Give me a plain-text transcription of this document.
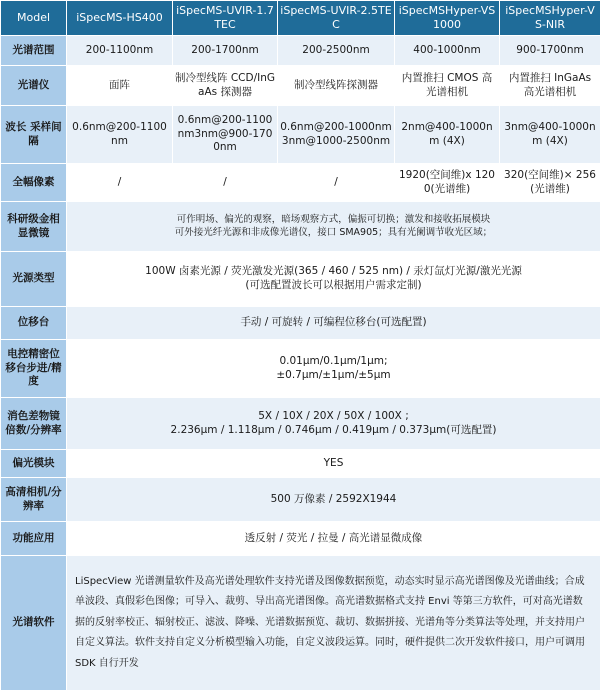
Model	iSpecMS-HS400	iSpecMS-UVIR-1.7TEC	iSpecMS-UVIR-2.5TEC	iSpecMSHyper-VS1000	iSpecMSHyper-VS-NIR
光谱范围	200-1100nm	200-1700nm	200-2500nm	400-1000nm	900-1700nm
光谱仪	面阵	制冷型线阵 CCD/InGaAs 探测器	制冷型线阵探测器	内置推扫 CMOS 高光谱相机	内置推扫 InGaAs 高光谱相机
波长 采样间隔	0.6nm@200-1100nm	0.6nm@200-1100nm3nm@900-1700nm	0.6nm@200-1000nm 3nm@1000-2500nm	2nm@400-1000nm (4X)	3nm@400-1000nm (4X)
全幅像素	/	/	/	1920(空间维)x 1200(光谱维)	320(空间维)× 256(光谱维)
科研级金相显微镜	可作明场、偏光的观察，暗场观察方式，偏振可切换；激发和接收拓展模块
可外接光纤光源和非成像光谱仪，接口 SMA905；具有光阑调节收光区域；				

光源类型	100W 卤素光源 / 荧光激发光源(365 / 460 / 525 nm) / 汞灯氙灯光源/激光光源
(可选配置波长可以根据用户需求定制)				

位移台	手动 / 可旋转 / 可编程位移台(可选配置)				

电控精密位移台步进/精度	0.01μm/0.1μm/1μm;
±0.7μm/±1μm/±5μm				

消色差物镜倍数/分辨率	5X / 10X / 20X / 50X / 100X ;
2.236μm / 1.118μm / 0.746μm / 0.419μm / 0.373μm(可选配置)				

偏光模块	YES				

高清相机/分辨率	500 万像素 / 2592X1944				

功能应用	透反射 / 荧光 / 拉曼 / 高光谱显微成像				

光谱软件	LiSpecView 光谱测量软件及高光谱处理软件支持光谱及图像数据预览，动态实时显示高光谱图像及光谱曲线；合成单波段、真假彩色图像；可导入、裁剪、导出高光谱图像。高光谱数据格式支持 Envi 等第三方软件，可对高光谱数据的反射率校正、辐射校正、滤波、降噪、光谱数据预览、裁切、数据拼接、光谱角等分类算法等处理，并支持用户自定义算法。软件支持自定义分析模型输入功能，自定义波段运算。同时，硬件提供二次开发软件接口，用户可调用 SDK 自行开发				
